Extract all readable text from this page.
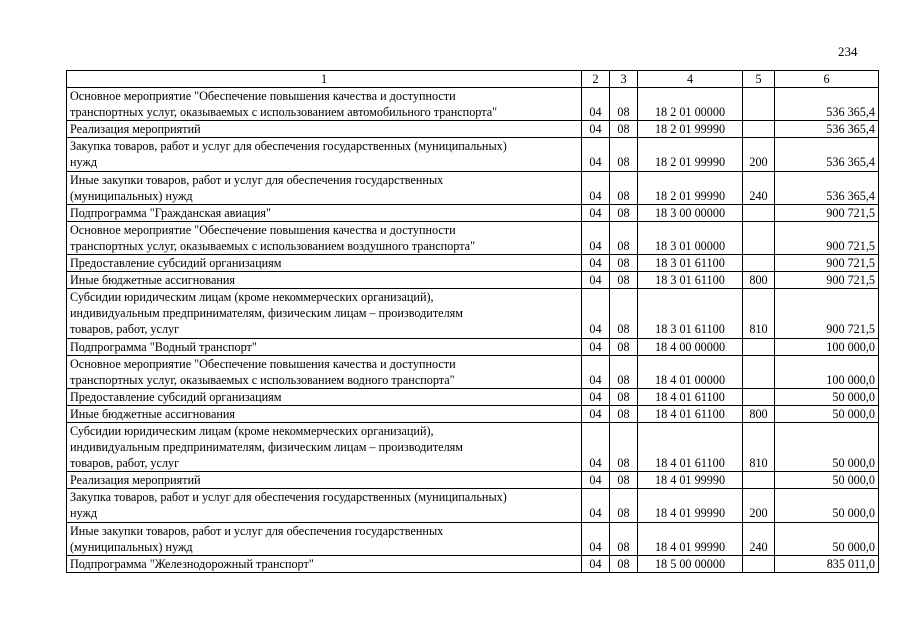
234
1	2	3	4	5	6
Основное мероприятие "Обеспечение повышения качества и доступности
транспортных услуг, оказываемых с использованием автомобильного транспорта"	04	08	18 2 01 00000		536 365,4
Реализация мероприятий	04	08	18 2 01 99990		536 365,4
Закупка товаров, работ и услуг для обеспечения государственных (муниципальных)
нужд	04	08	18 2 01 99990	200	536 365,4
Иные закупки товаров, работ и услуг для обеспечения государственных
(муниципальных) нужд	04	08	18 2 01 99990	240	536 365,4
Подпрограмма "Гражданская авиация"	04	08	18 3 00 00000		900 721,5
Основное мероприятие "Обеспечение повышения качества и доступности
транспортных услуг, оказываемых с использованием воздушного транспорта"	04	08	18 3 01 00000		900 721,5
Предоставление субсидий организациям	04	08	18 3 01 61100		900 721,5
Иные бюджетные ассигнования	04	08	18 3 01 61100	800	900 721,5
Субсидии юридическим лицам (кроме некоммерческих организаций),
индивидуальным предпринимателям, физическим лицам – производителям
товаров, работ, услуг	04	08	18 3 01 61100	810	900 721,5
Подпрограмма "Водный транспорт"	04	08	18 4 00 00000		100 000,0
Основное мероприятие "Обеспечение повышения качества и доступности
транспортных услуг, оказываемых с использованием водного транспорта"	04	08	18 4 01 00000		100 000,0
Предоставление субсидий организациям	04	08	18 4 01 61100		50 000,0
Иные бюджетные ассигнования	04	08	18 4 01 61100	800	50 000,0
Субсидии юридическим лицам (кроме некоммерческих организаций),
индивидуальным предпринимателям, физическим лицам – производителям
товаров, работ, услуг	04	08	18 4 01 61100	810	50 000,0
Реализация мероприятий	04	08	18 4 01 99990		50 000,0
Закупка товаров, работ и услуг для обеспечения государственных (муниципальных)
нужд	04	08	18 4 01 99990	200	50 000,0
Иные закупки товаров, работ и услуг для обеспечения государственных
(муниципальных) нужд	04	08	18 4 01 99990	240	50 000,0
Подпрограмма "Железнодорожный транспорт"	04	08	18 5 00 00000		835 011,0
